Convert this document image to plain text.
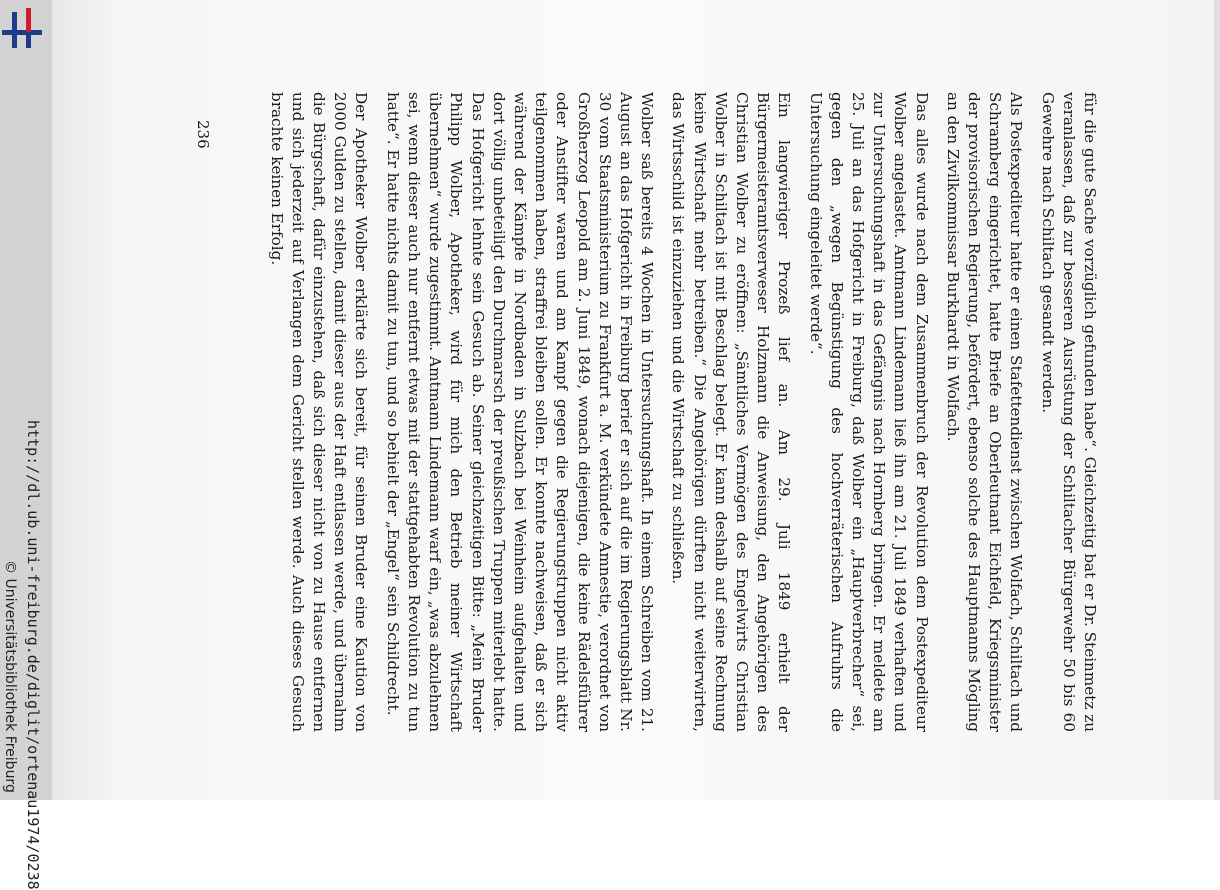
für die gute Sache vorzüglich gefunden habe“. Gleichzeitig bat er Dr. Steinmetz zu veranlassen, daß zur besseren Ausrüstung der Schiltacher Bürgerwehr 50 bis 60 Gewehre nach Schiltach gesandt werden.

Als Postexpediteur hatte er einen Stafettendienst zwischen Wolfach, Schiltach und Schramberg eingerichtet, hatte Briefe an Oberleutnant Eichfeld, Kriegsminister der provisorischen Regierung, befördert, ebenso solche des Hauptmanns Mögling an den Zivilkommissar Burkhardt in Wolfach.

Das alles wurde nach dem Zusammenbruch der Revolution dem Postexpediteur Wolber angelastet. Amtmann Lindemann ließ ihn am 21. Juli 1849 verhaften und zur Untersuchungshaft in das Gefängnis nach Hornberg bringen. Er meldete am 25. Juli an das Hofgericht in Freiburg, daß Wolber ein „Hauptverbrecher“ sei, gegen den „wegen Begünstigung des hochverräterischen Aufruhrs die Untersuchung eingeleitet werde“.

Ein langwieriger Prozeß lief an. Am 29. Juli 1849 erhielt der Bürgermeisteramtsverweser Holzmann die Anweisung, den Angehörigen des Christian Wolber zu eröffnen: „Sämtliches Vermögen des Engelwirts Christian Wolber in Schiltach ist mit Beschlag belegt. Er kann deshalb auf seine Rechnung keine Wirtschaft mehr betreiben.“ Die Angehörigen dürften nicht weiterwirten, das Wirtsschild ist einzuziehen und die Wirtschaft zu schließen.

Wolber saß bereits 4 Wochen in Untersuchungshaft. In einem Schreiben vom 21. August an das Hofgericht in Freiburg berief er sich auf die im Regierungsblatt Nr. 30 vom Staatsministerium zu Frankfurt a. M. verkündete Amnestie, verordnet von Großherzog Leopold am 2. Juni 1849, wonach diejenigen, die keine Rädelsführer oder Anstifter waren und am Kampf gegen die Regierungstruppen nicht aktiv teilgenommen haben, straffrei bleiben sollen. Er konnte nachweisen, daß er sich während der Kämpfe in Nordbaden in Sulzbach bei Weinheim aufgehalten und dort völlig unbeteiligt den Durchmarsch der preußischen Truppen miterlebt hatte. Das Hofgericht lehnte sein Gesuch ab. Seiner gleichzeitigen Bitte: „Mein Bruder Philipp Wolber, Apotheker, wird für mich den Betrieb meiner Wirtschaft übernehmen“ wurde zugestimmt. Amtmann Lindemann warf ein, „was abzulehnen sei, wenn dieser auch nur entfernt etwas mit der stattgehabten Revolution zu tun hatte“. Er hatte nichts damit zu tun, und so behielt der „Engel“ sein Schildrecht.

Der Apotheker Wolber erklärte sich bereit, für seinen Bruder eine Kaution von 2000 Gulden zu stellen, damit dieser aus der Haft entlassen werde, und übernahm die Bürgschaft, dafür einzustehen, daß sich dieser nicht von zu Hause entfernen und sich jederzeit auf Verlangen dem Gericht stellen werde. Auch dieses Gesuch brachte keinen Erfolg.

236
http://dl.ub.uni-freiburg.de/diglit/ortenau1974/0238
© Universitätsbibliothek Freiburg
